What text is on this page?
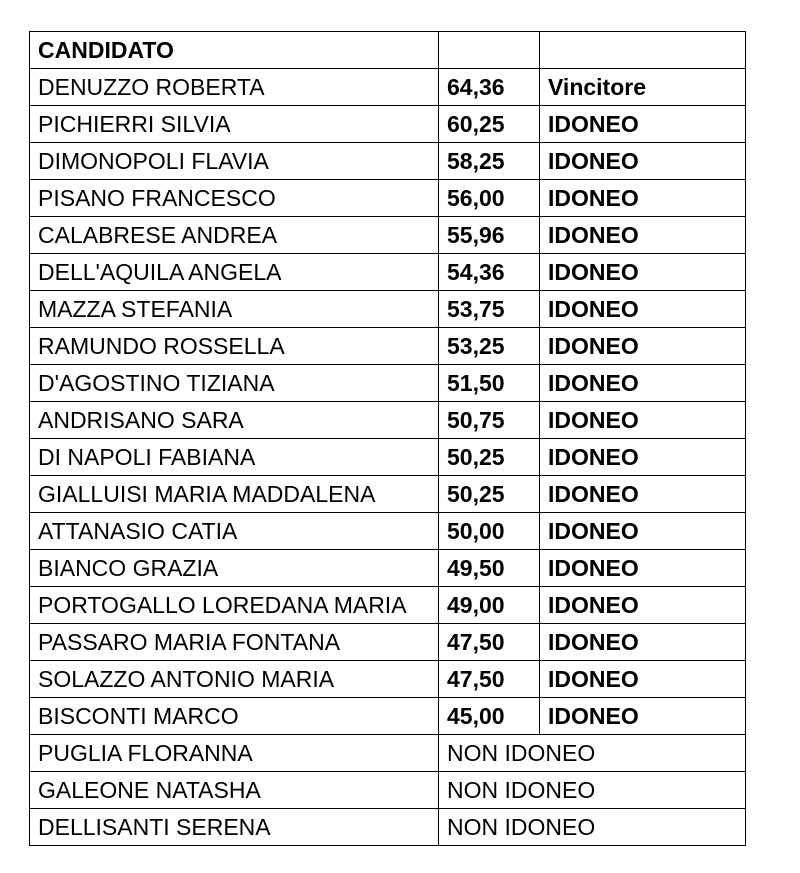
CANDIDATO		
DENUZZO ROBERTA	64,36	Vincitore
PICHIERRI SILVIA	60,25	IDONEO
DIMONOPOLI FLAVIA	58,25	IDONEO
PISANO FRANCESCO	56,00	IDONEO
CALABRESE ANDREA	55,96	IDONEO
DELL'AQUILA ANGELA	54,36	IDONEO
MAZZA STEFANIA	53,75	IDONEO
RAMUNDO ROSSELLA	53,25	IDONEO
D'AGOSTINO TIZIANA	51,50	IDONEO
ANDRISANO SARA	50,75	IDONEO
DI NAPOLI FABIANA	50,25	IDONEO
GIALLUISI MARIA MADDALENA	50,25	IDONEO
ATTANASIO CATIA	50,00	IDONEO
BIANCO GRAZIA	49,50	IDONEO
PORTOGALLO LOREDANA MARIA	49,00	IDONEO
PASSARO MARIA FONTANA	47,50	IDONEO
SOLAZZO ANTONIO MARIA	47,50	IDONEO
BISCONTI MARCO	45,00	IDONEO
PUGLIA FLORANNA	NON IDONEO	
GALEONE NATASHA	NON IDONEO	
DELLISANTI SERENA	NON IDONEO	
